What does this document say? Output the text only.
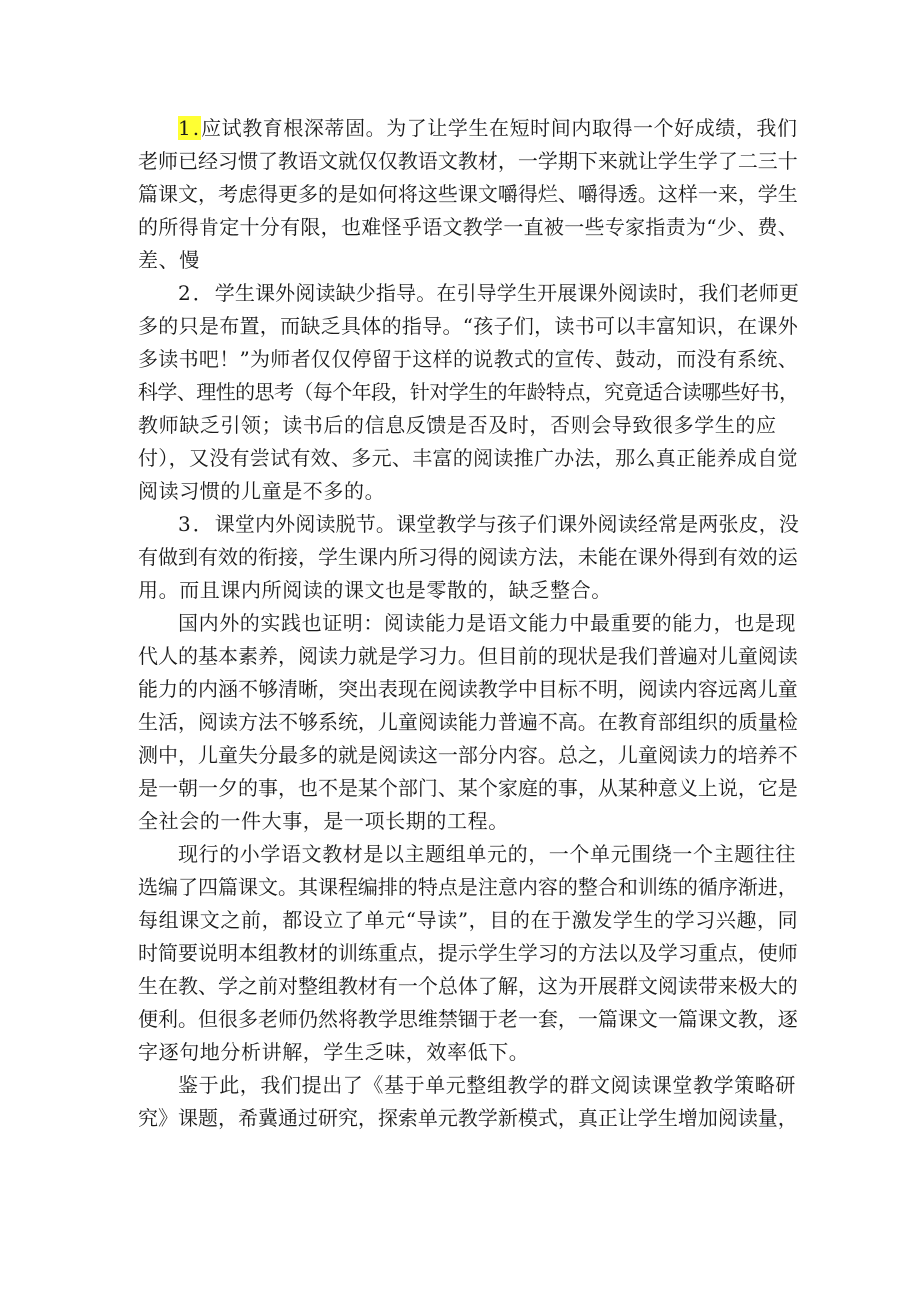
1.应试教育根深蒂固。为了让学生在短时间内取得一个好成绩，我们
老师已经习惯了教语文就仅仅教语文教材，一学期下来就让学生学了二三十
篇课文，考虑得更多的是如何将这些课文嚼得烂、嚼得透。这样一来，学生
的所得肯定十分有限，也难怪乎语文教学一直被一些专家指责为“少、费、
差、慢

2．学生课外阅读缺少指导。在引导学生开展课外阅读时，我们老师更
多的只是布置，而缺乏具体的指导。“孩子们，读书可以丰富知识，在课外
多读书吧！”为师者仅仅停留于这样的说教式的宣传、鼓动，而没有系统、
科学、理性的思考（每个年段，针对学生的年龄特点，究竟适合读哪些好书，
教师缺乏引领；读书后的信息反馈是否及时，否则会导致很多学生的应
付），又没有尝试有效、多元、丰富的阅读推广办法，那么真正能养成自觉
阅读习惯的儿童是不多的。

3．课堂内外阅读脱节。课堂教学与孩子们课外阅读经常是两张皮，没
有做到有效的衔接，学生课内所习得的阅读方法，未能在课外得到有效的运
用。而且课内所阅读的课文也是零散的，缺乏整合。

国内外的实践也证明：阅读能力是语文能力中最重要的能力，也是现
代人的基本素养，阅读力就是学习力。但目前的现状是我们普遍对儿童阅读
能力的内涵不够清晰，突出表现在阅读教学中目标不明，阅读内容远离儿童
生活，阅读方法不够系统，儿童阅读能力普遍不高。在教育部组织的质量检
测中，儿童失分最多的就是阅读这一部分内容。总之，儿童阅读力的培养不
是一朝一夕的事，也不是某个部门、某个家庭的事，从某种意义上说，它是
全社会的一件大事，是一项长期的工程。

现行的小学语文教材是以主题组单元的，一个单元围绕一个主题往往
选编了四篇课文。其课程编排的特点是注意内容的整合和训练的循序渐进，
每组课文之前，都设立了单元“导读”，目的在于激发学生的学习兴趣，同
时简要说明本组教材的训练重点，提示学生学习的方法以及学习重点，使师
生在教、学之前对整组教材有一个总体了解，这为开展群文阅读带来极大的
便利。但很多老师仍然将教学思维禁锢于老一套，一篇课文一篇课文教，逐
字逐句地分析讲解，学生乏味，效率低下。

鉴于此，我们提出了《基于单元整组教学的群文阅读课堂教学策略研
究》课题，希冀通过研究，探索单元教学新模式，真正让学生增加阅读量，
